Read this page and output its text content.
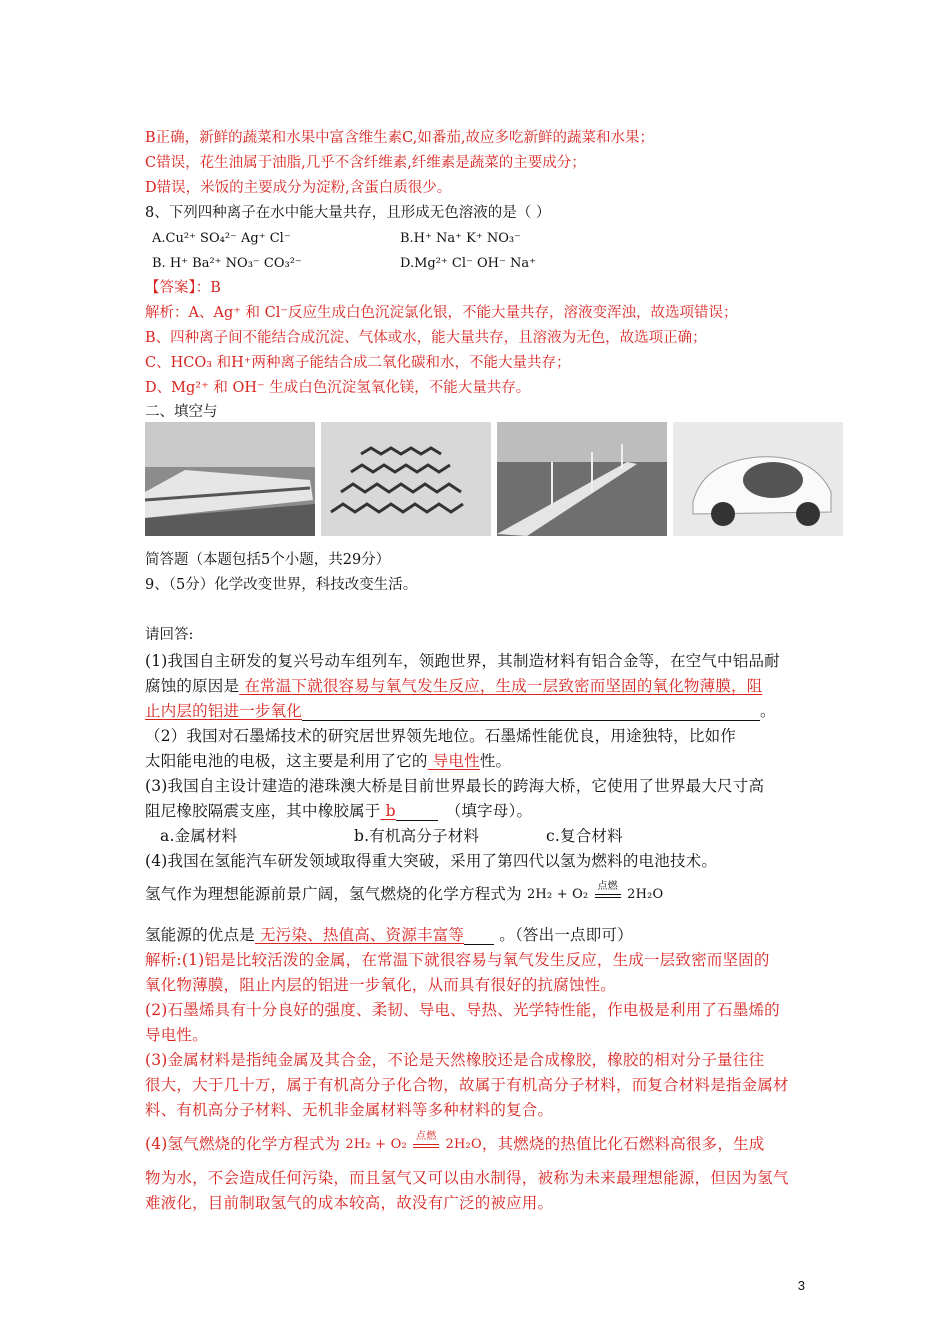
B正确，新鲜的蔬菜和水果中富含维生素C,如番茄,故应多吃新鲜的蔬菜和水果；
C错误，花生油属于油脂,几乎不含纤维素,纤维素是蔬菜的主要成分；
D错误，米饭的主要成分为淀粉,含蛋白质很少。
8、下列四种离子在水中能大量共存，且形成无色溶液的是（ ）
A.Cu²⁺ SO₄²⁻ Ag⁺ Cl⁻	B.H⁺ Na⁺ K⁺ NO₃⁻
B. H⁺ Ba²⁺ NO₃⁻ CO₃²⁻	D.Mg²⁺ Cl⁻ OH⁻ Na⁺
【答案】：B
解析：A、Ag⁺ 和 Cl⁻反应生成白色沉淀氯化银，不能大量共存，溶液变浑浊，故选项错误；
B、四种离子间不能结合成沉淀、气体或水，能大量共存，且溶液为无色，故选项正确；
C、HCO₃ 和H⁺两种离子能结合成二氧化碳和水，不能大量共存；
D、Mg²⁺ 和 OH⁻ 生成白色沉淀氢氧化镁，不能大量共存。
二、填空与
简答题（本题包括5个小题，共29分）
9、（5分）化学改变世界，科技改变生活。
请回答:
(1)我国自主研发的复兴号动车组列车，领跑世界，其制造材料有铝合金等，在空气中铝品耐
腐蚀的原因是 在常温下就很容易与氧气发生反应，生成一层致密而坚固的氧化物薄膜，阻
止内层的铝进一步氧化	。
（2）我国对石墨烯技术的研究居世界领先地位。石墨烯性能优良，用途独特，比如作
太阳能电池的电极，这主要是利用了它的 导电性性。
(3)我国自主设计建造的港珠澳大桥是目前世界最长的跨海大桥，它使用了世界最大尺寸高
阻尼橡胶隔震支座，其中橡胶属于 b	（填字母）。
a.金属材料	b.有机高分子材料	c.复合材料
(4)我国在氢能汽车研发领域取得重大突破，采用了第四代以氢为燃料的电池技术。
氢气作为理想能源前景广阔，氢气燃烧的化学方程式为 2H₂ + O₂
点燃
2H₂O
氢能源的优点是 无污染、热值高、资源丰富等 。（答出一点即可）
解析:(1)铝是比较活泼的金属，在常温下就很容易与氧气发生反应，生成一层致密而坚固的
氧化物薄膜，阻止内层的铝进一步氧化，从而具有很好的抗腐蚀性。
(2)石墨烯具有十分良好的强度、柔韧、导电、导热、光学特性能，作电极是利用了石墨烯的
导电性。
(3)金属材料是指纯金属及其合金，不论是天然橡胶还是合成橡胶，橡胶的相对分子量往往
很大，大于几十万，属于有机高分子化合物，故属于有机高分子材料，而复合材料是指金属材
料、有机高分子材料、无机非金属材料等多种材料的复合。
(4)氢气燃烧的化学方程式为 2H₂ + O₂
点燃
2H₂O，其燃烧的热值比化石燃料高很多，生成
物为水，不会造成任何污染，而且氢气又可以由水制得，被称为未来最理想能源，但因为氢气
难液化，目前制取氢气的成本较高，故没有广泛的被应用。
3
